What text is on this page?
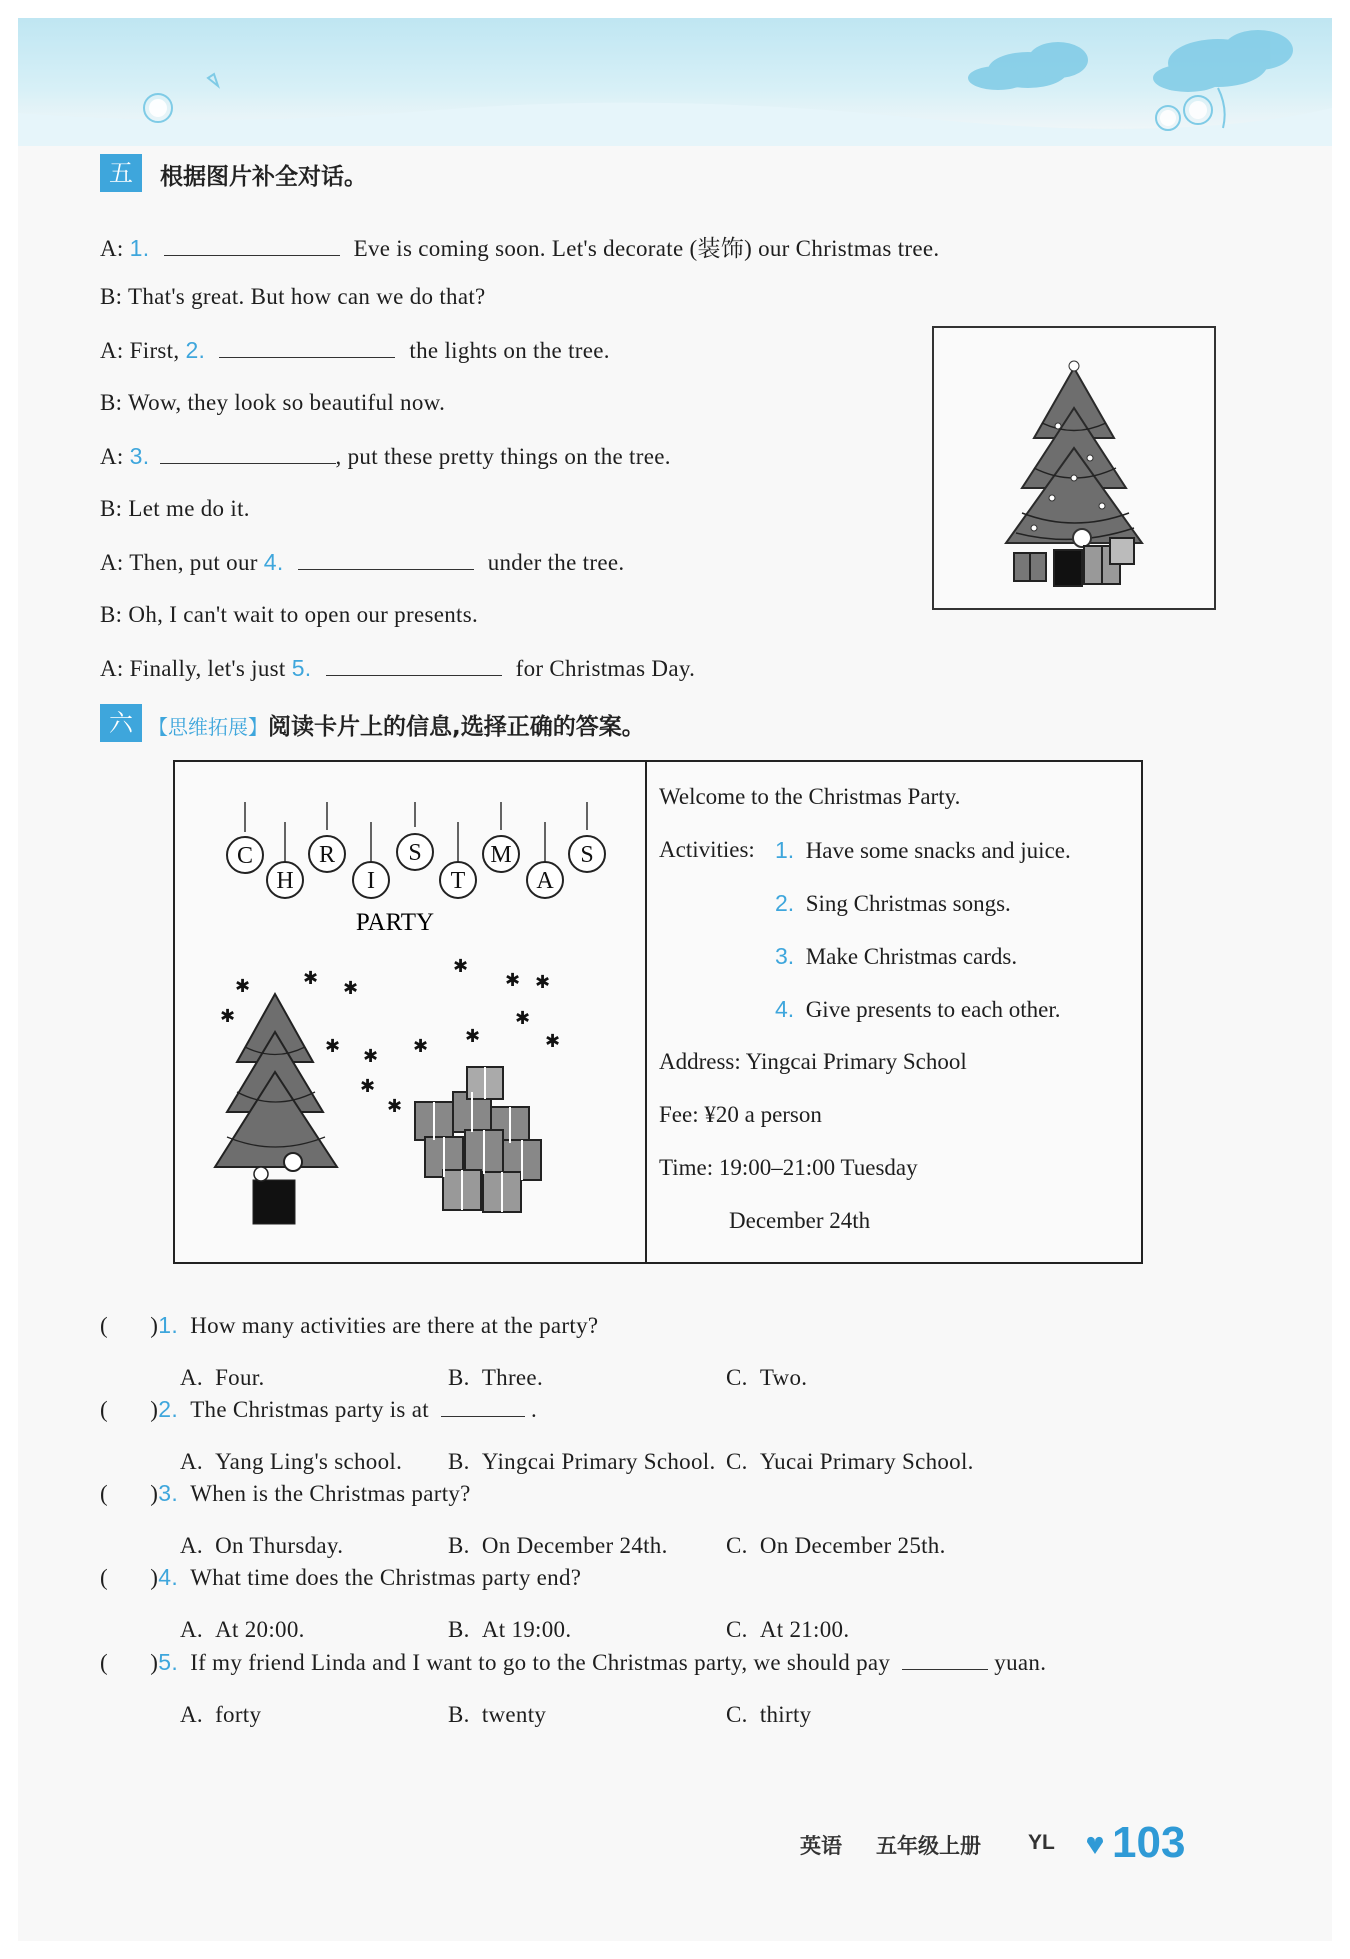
五	根据图片补全对话。
A: 1.	Eve is coming soon. Let's decorate (装饰) our Christmas tree.
B: That's great. But how can we do that?
A: First, 2.	the lights on the tree.
B: Wow, they look so beautiful now.
A: 3.	, put these pretty things on the tree.
B: Let me do it.
A: Then, put our 4.	under the tree.
B: Oh, I can't wait to open our presents.
A: Finally, let's just 5.	for Christmas Day.
六 【思维拓展】阅读卡片上的信息,选择正确的答案。
C
H
R
I
S
T
M
A
S
PARTY
✱	✱ ✱
✱
✱ ✱
✱	✱
✱
✱	✱
✱ ✱
✱
✱
Welcome to the Christmas Party.
Activities: 1. Have some snacks and juice.
2. Sing Christmas songs.
3. Make Christmas cards.
4. Give presents to each other.
Address: Yingcai Primary School
Fee: ¥20 a person
Time: 19:00–21:00 Tuesday
December 24th
(       )1. How many activities are there at the party?
A. Four.	B. Three.	C. Two.
(       )2. The Christmas party is at	.
A. Yang Ling's school. B. Yingcai Primary School. C. Yucai Primary School.
(       )3. When is the Christmas party?
A. On Thursday.	B. On December 24th.	C. On December 25th.
(       )4. What time does the Christmas party end?
A. At 20:00.	B. At 19:00.	C. At 21:00.
(       )5. If my friend Linda and I want to go to the Christmas party, we should pay	yuan.
A. forty	B. twenty	C. thirty
英语 五年级上册 YL 103
